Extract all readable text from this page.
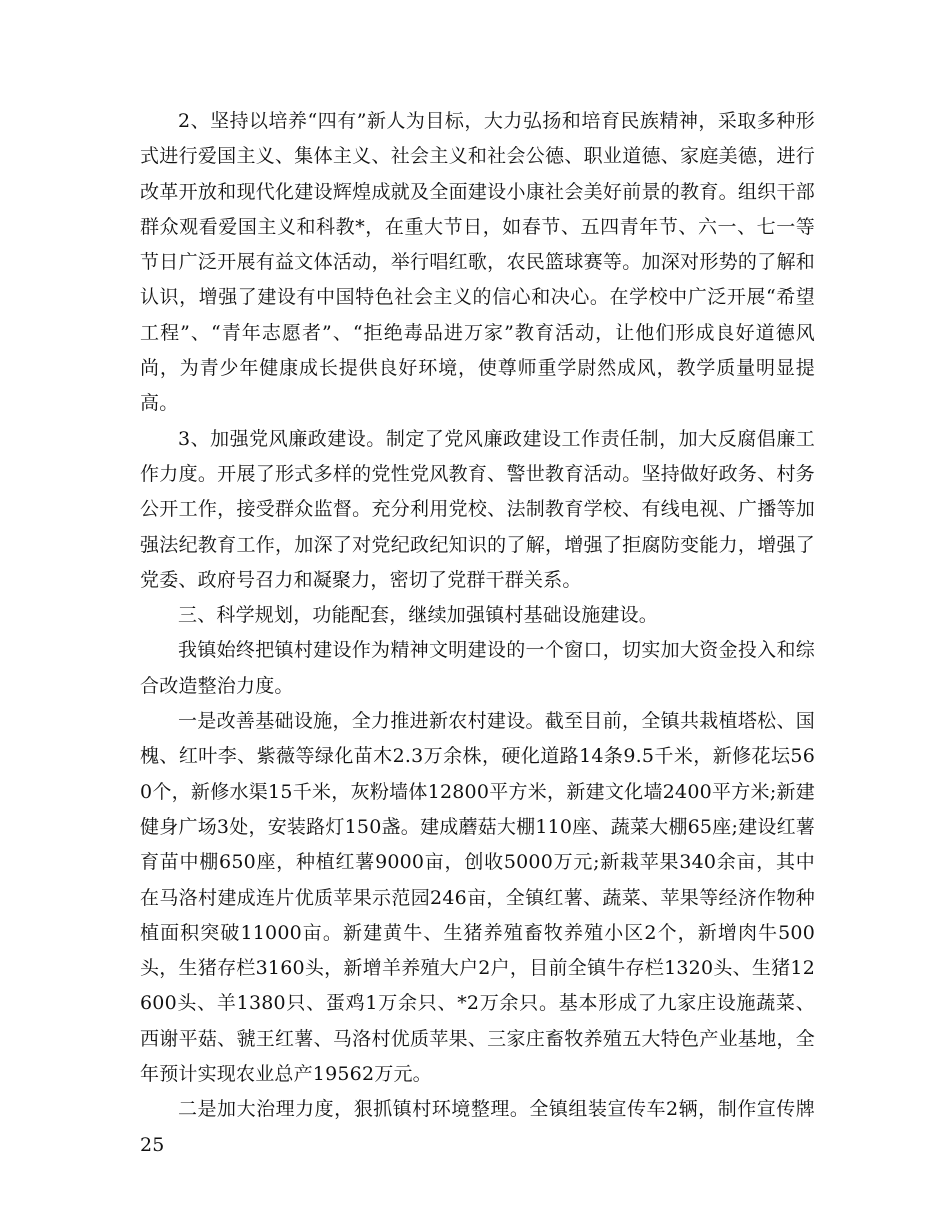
2、坚持以培养“四有”新人为目标，大力弘扬和培育民族精神，采取多种形式进行爱国主义、集体主义、社会主义和社会公德、职业道德、家庭美德，进行改革开放和现代化建设辉煌成就及全面建设小康社会美好前景的教育。组织干部群众观看爱国主义和科教*，在重大节日，如春节、五四青年节、六一、七一等节日广泛开展有益文体活动，举行唱红歌，农民篮球赛等。加深对形势的了解和认识，增强了建设有中国特色社会主义的信心和决心。在学校中广泛开展“希望工程”、“青年志愿者”、“拒绝毒品进万家”教育活动，让他们形成良好道德风尚，为青少年健康成长提供良好环境，使尊师重学尉然成风，教学质量明显提高。

3、加强党风廉政建设。制定了党风廉政建设工作责任制，加大反腐倡廉工作力度。开展了形式多样的党性党风教育、警世教育活动。坚持做好政务、村务公开工作，接受群众监督。充分利用党校、法制教育学校、有线电视、广播等加强法纪教育工作，加深了对党纪政纪知识的了解，增强了拒腐防变能力，增强了党委、政府号召力和凝聚力，密切了党群干群关系。

三、科学规划，功能配套，继续加强镇村基础设施建设。

我镇始终把镇村建设作为精神文明建设的一个窗口，切实加大资金投入和综合改造整治力度。

一是改善基础设施，全力推进新农村建设。截至目前，全镇共栽植塔松、国槐、红叶李、紫薇等绿化苗木2.3万余株，硬化道路14条9.5千米，新修花坛560个，新修水渠15千米，灰粉墙体12800平方米，新建文化墙2400平方米;新建健身广场3处，安装路灯150盏。建成蘑菇大棚110座、蔬菜大棚65座;建设红薯育苗中棚650座，种植红薯9000亩，创收5000万元;新栽苹果340余亩，其中在马洛村建成连片优质苹果示范园246亩，全镇红薯、蔬菜、苹果等经济作物种植面积突破11000亩。新建黄牛、生猪养殖畜牧养殖小区2个，新增肉牛500头，生猪存栏3160头，新增羊养殖大户2户，目前全镇牛存栏1320头、生猪12600头、羊1380只、蛋鸡1万余只、*2万余只。基本形成了九家庄设施蔬菜、西谢平菇、虢王红薯、马洛村优质苹果、三家庄畜牧养殖五大特色产业基地，全年预计实现农业总产19562万元。

二是加大治理力度，狠抓镇村环境整理。全镇组装宣传车2辆，制作宣传牌25
